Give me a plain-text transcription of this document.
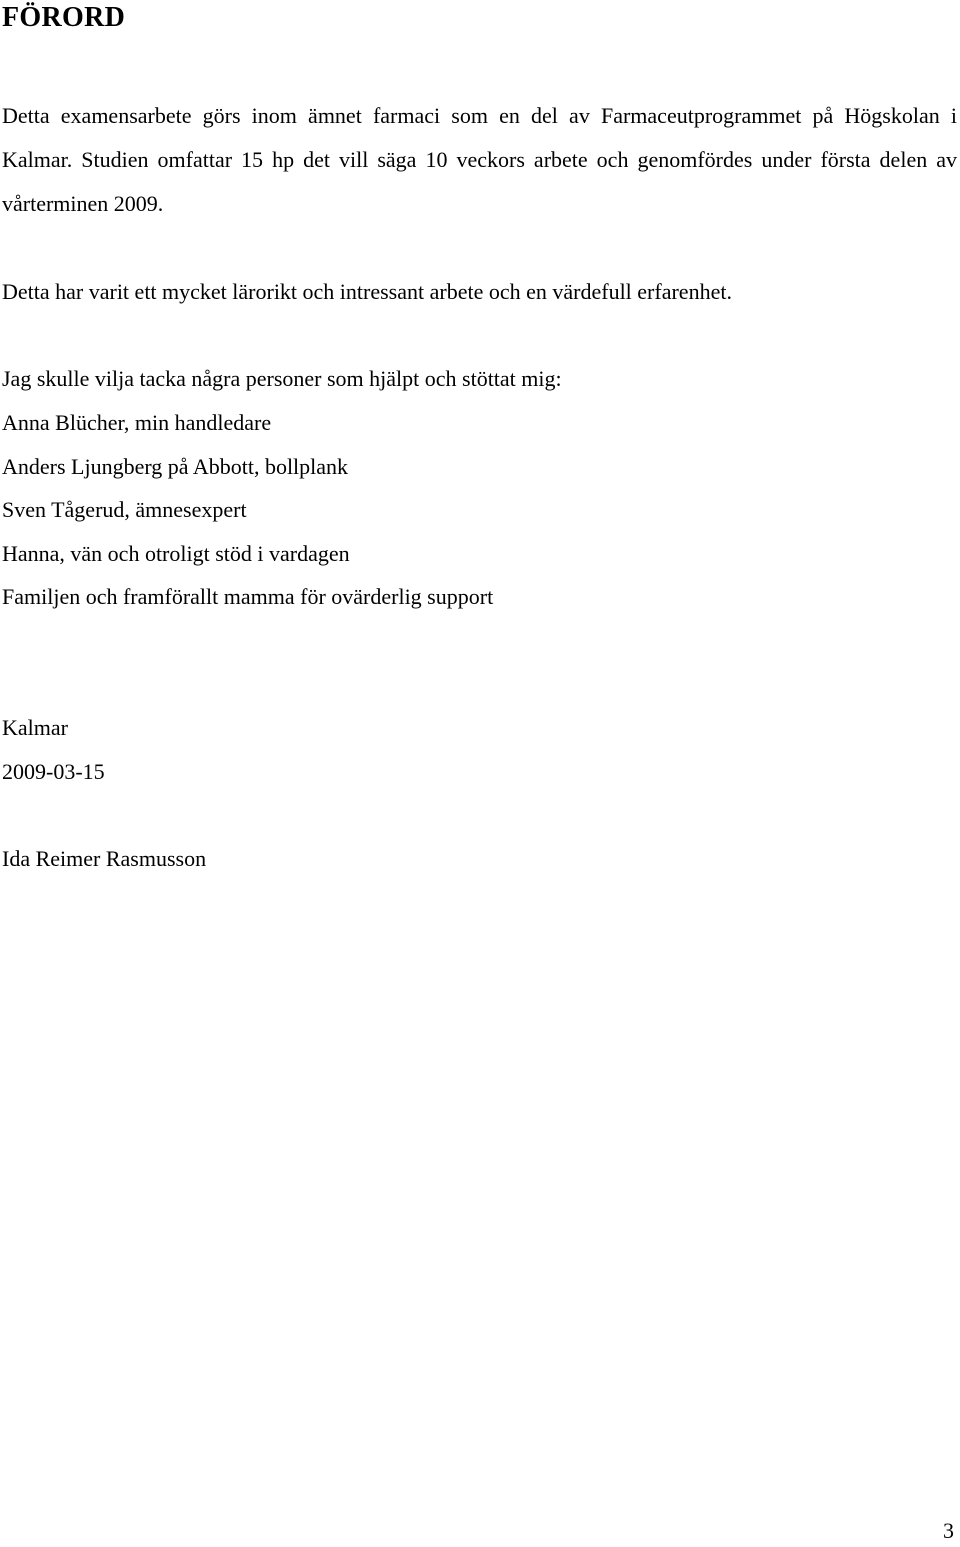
FÖRORD

Detta examensarbete görs inom ämnet farmaci som en del av Farmaceutprogrammet på Högskolan i Kalmar. Studien omfattar 15 hp det vill säga 10 veckors arbete och genomfördes under första delen av vårterminen 2009.

Detta har varit ett mycket lärorikt och intressant arbete och en värdefull erfarenhet.

Jag skulle vilja tacka några personer som hjälpt och stöttat mig:

Anna Blücher, min handledare

Anders Ljungberg på Abbott, bollplank

Sven Tågerud, ämnesexpert

Hanna, vän och otroligt stöd i vardagen

Familjen och framförallt mamma för ovärderlig support

Kalmar

2009-03-15

Ida Reimer Rasmusson

3
